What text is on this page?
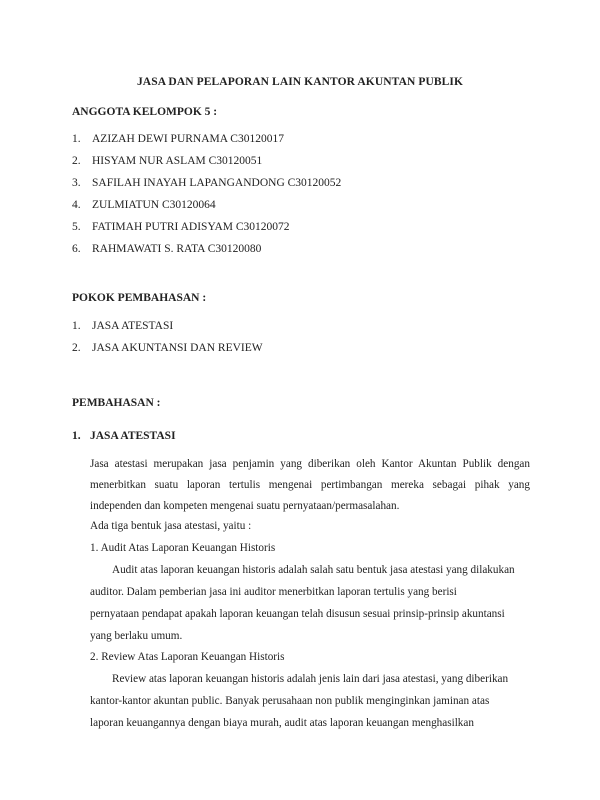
JASA DAN PELAPORAN LAIN KANTOR AKUNTAN PUBLIK
ANGGOTA KELOMPOK 5 :
1. AZIZAH DEWI PURNAMA C30120017
2. HISYAM NUR ASLAM C30120051
3. SAFILAH INAYAH LAPANGANDONG C30120052
4. ZULMIATUN C30120064
5. FATIMAH PUTRI ADISYAM C30120072
6. RAHMAWATI S. RATA C30120080
POKOK PEMBAHASAN :
1. JASA ATESTASI
2. JASA AKUNTANSI DAN REVIEW
PEMBAHASAN :
1. JASA ATESTASI
Jasa atestasi merupakan jasa penjamin yang diberikan oleh Kantor Akuntan Publik dengan
menerbitkan suatu laporan tertulis mengenai pertimbangan mereka sebagai pihak yang
independen dan kompeten mengenai suatu pernyataan/permasalahan.
Ada tiga bentuk jasa atestasi, yaitu :
1. Audit Atas Laporan Keuangan Historis
Audit atas laporan keuangan historis adalah salah satu bentuk jasa atestasi yang dilakukan
auditor. Dalam pemberian jasa ini auditor menerbitkan laporan tertulis yang berisi
pernyataan pendapat apakah laporan keuangan telah disusun sesuai prinsip-prinsip akuntansi
yang berlaku umum.
2. Review Atas Laporan Keuangan Historis
Review atas laporan keuangan historis adalah jenis lain dari jasa atestasi, yang diberikan
kantor-kantor akuntan public. Banyak perusahaan non publik menginginkan jaminan atas
laporan keuangannya dengan biaya murah, audit atas laporan keuangan menghasilkan
